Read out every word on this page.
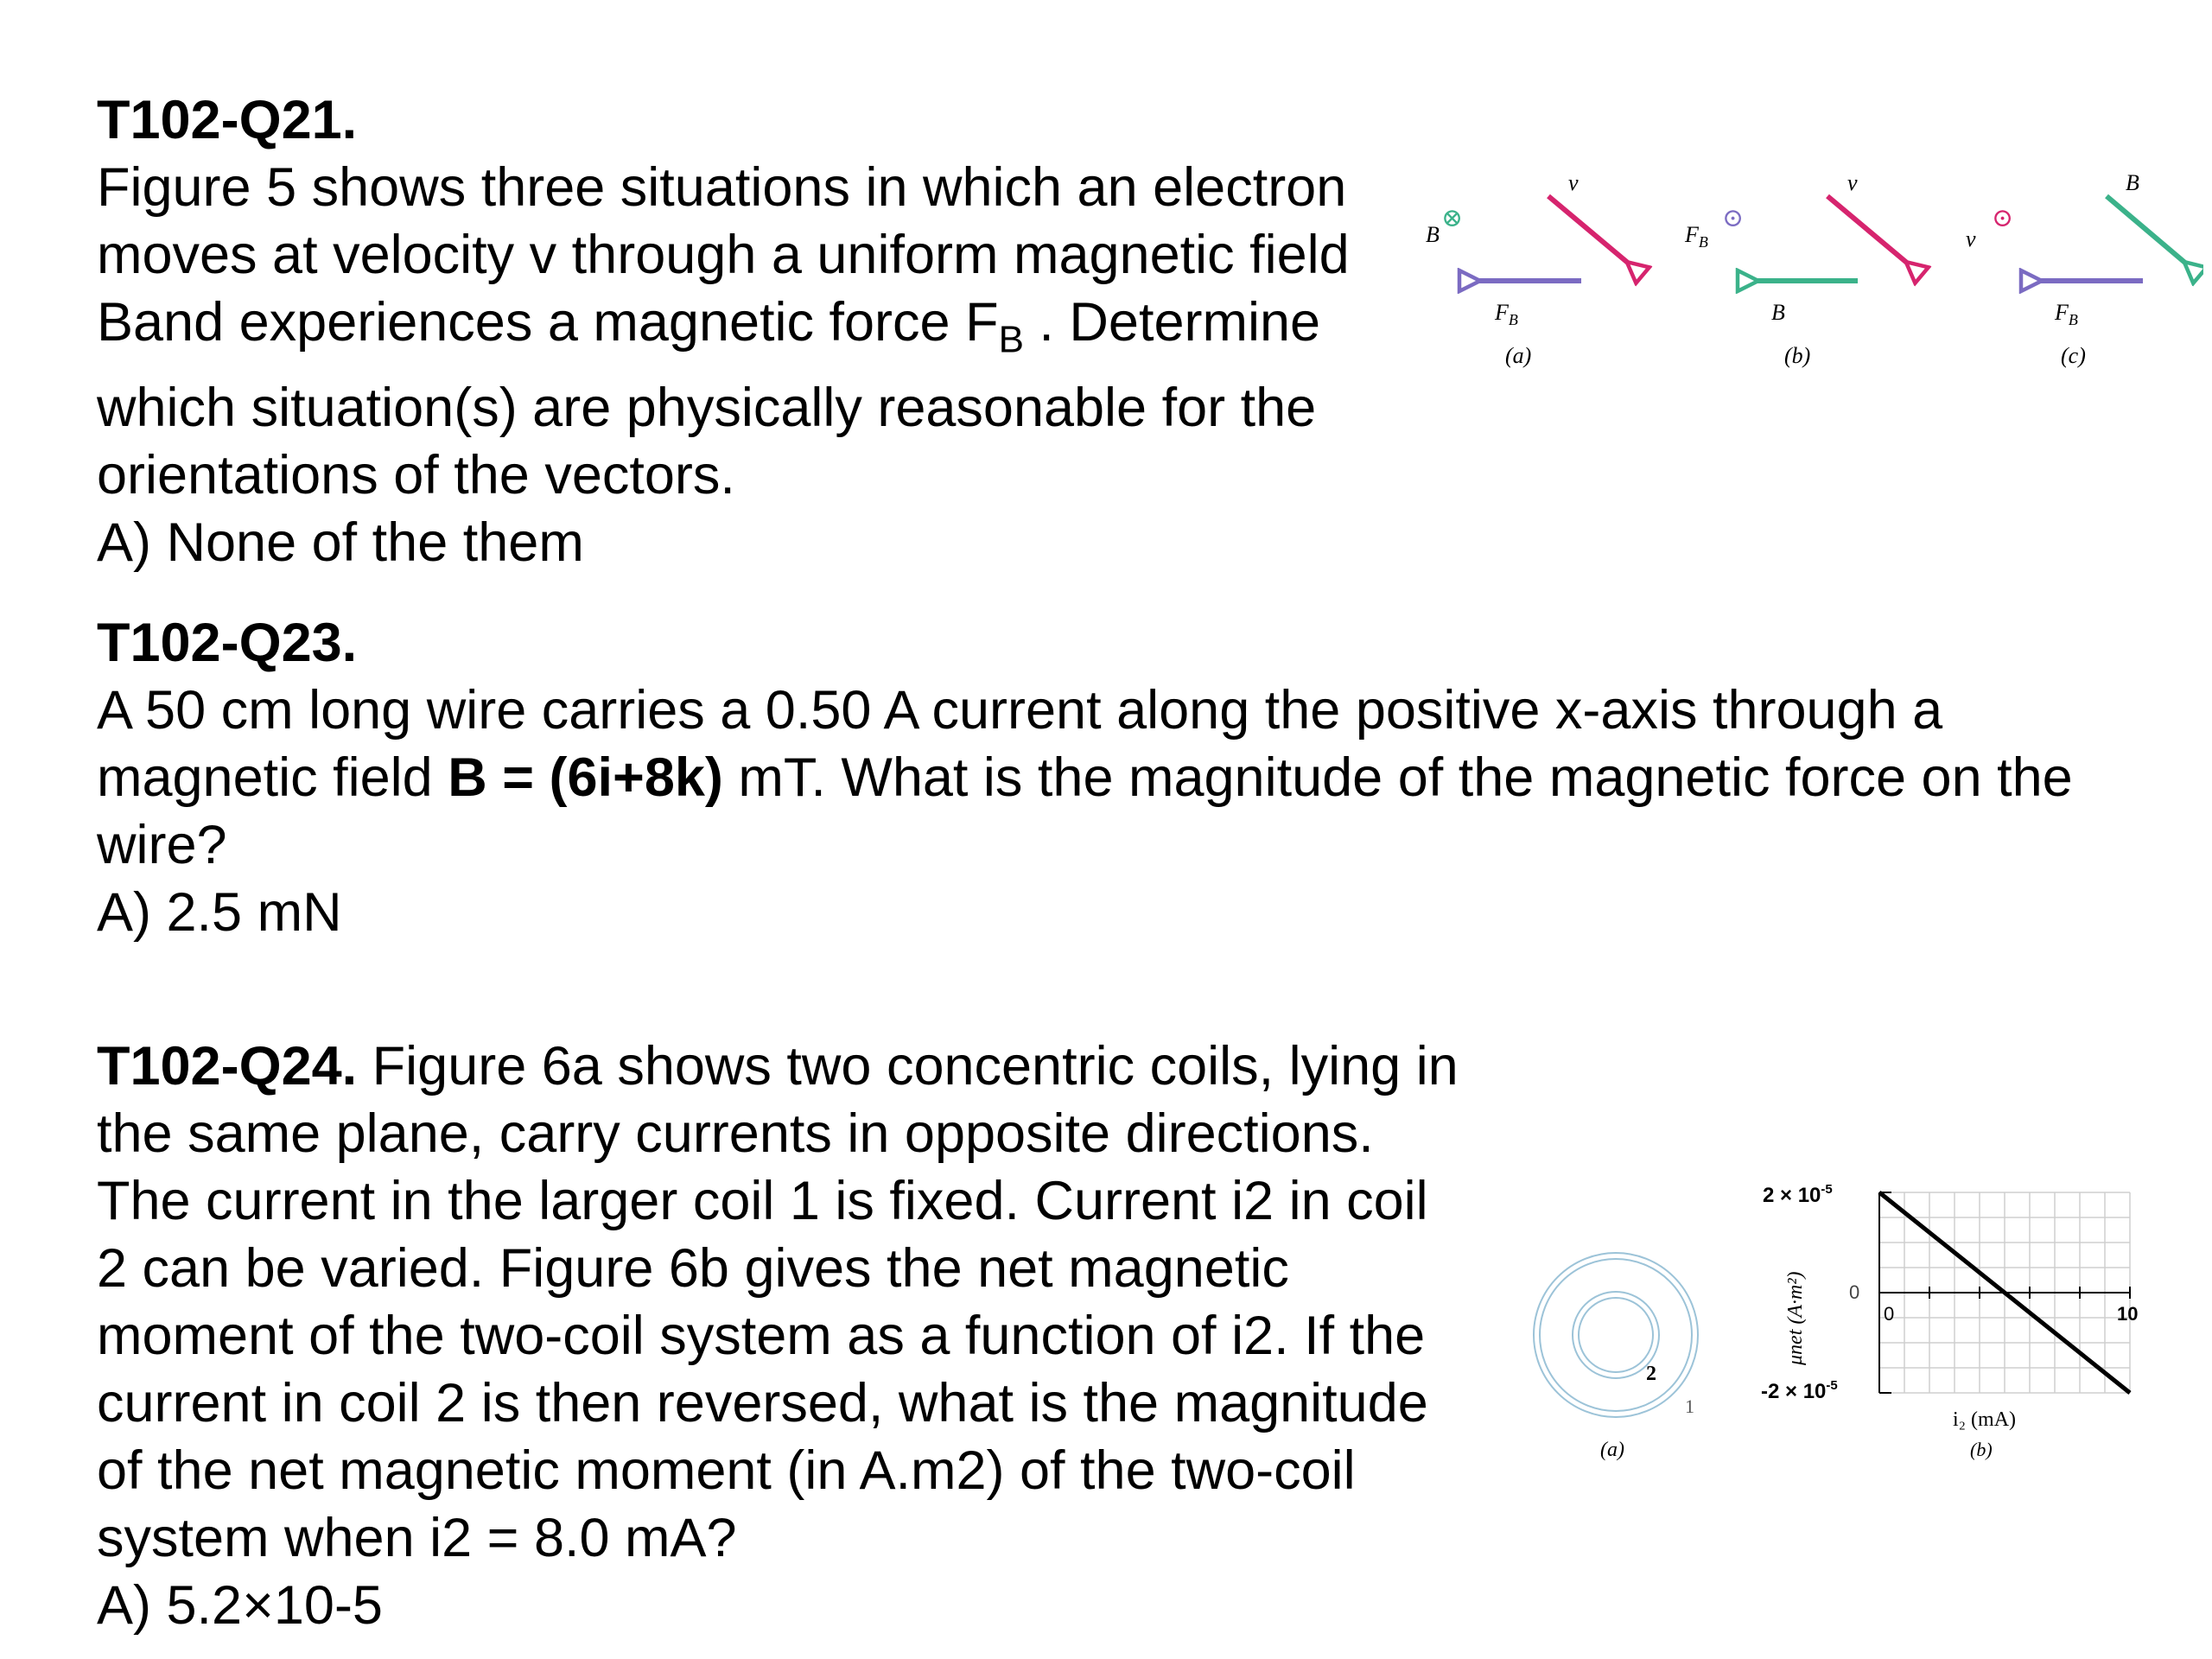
T102-Q21.
Figure 5 shows three situations in which an electron
moves at velocity v through a uniform magnetic field
Band experiences a magnetic force $F_B$ . Determine
which situation(s) are physically reasonable for the
orientations of the vectors.
A) None of the them
B
⊗
v
$F_B$
(a)
$F_B$
⊙
v
B
(b)
v
⊙
B
$F_B$
(c)
T102-Q23.
A 50 cm long wire carries a 0.50 A current along the positive x-axis through a
magnetic field B = (6i+8k) mT. What is the magnitude of the magnetic force on the
wire?
A) 2.5 mN
T102-Q24. Figure 6a shows two concentric coils, lying in
the same plane, carry currents in opposite directions.
The current in the larger coil 1 is fixed. Current i2 in coil
2 can be varied. Figure 6b gives the net magnetic
moment of the two-coil system as a function of i2. If the
current in coil 2 is then reversed, what is the magnitude
of the net magnetic moment (in A.m2) of the two-coil
system when i2 = 8.0 mA?
A) 5.2×10-5
2
1
(a)
$2 \times 10^{-5}$
0
$-2 \times 10^{-5}$
0	10
μnet (A·m²)
i₂ (mA)
(b)
